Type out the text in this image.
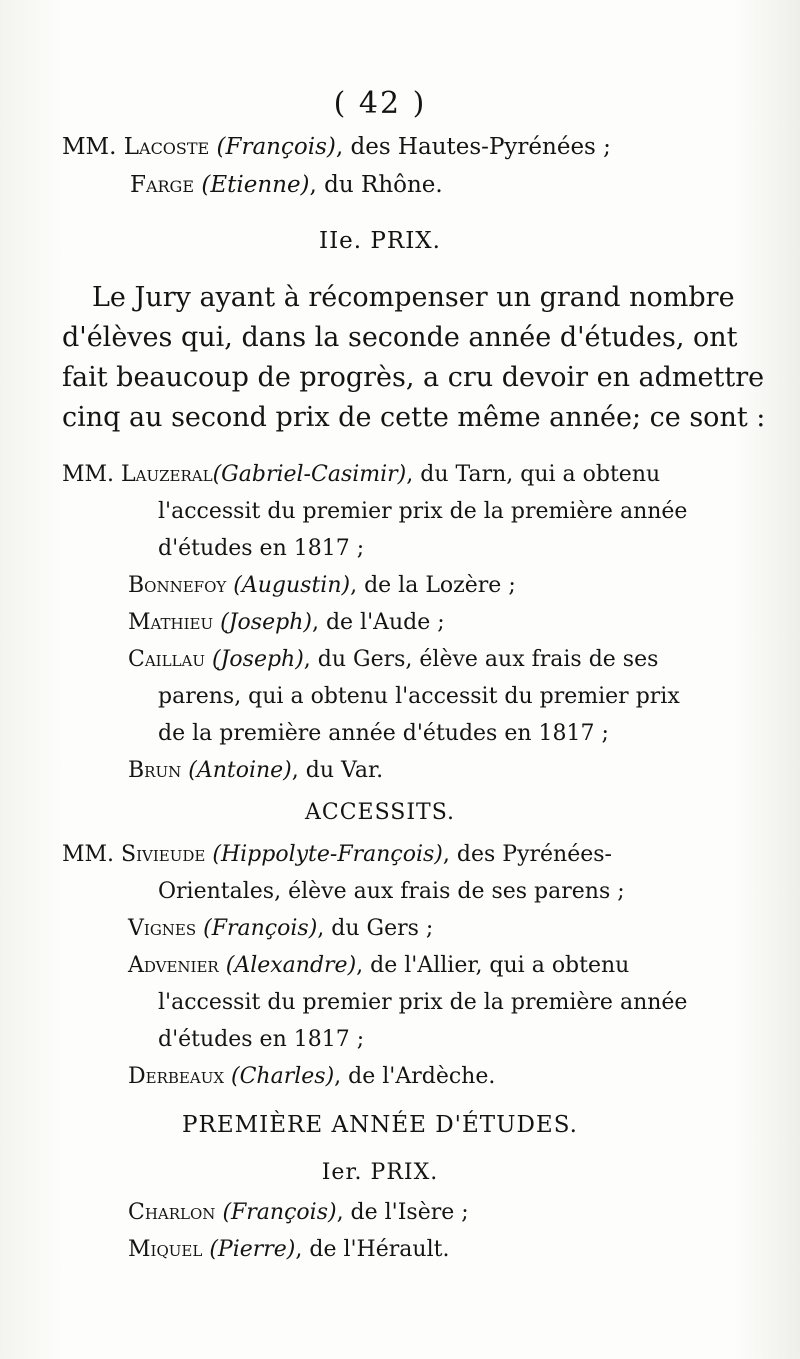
( 42 )
MM. Lacoste (François), des Hautes-Pyrénées ;
Farge (Etienne), du Rhône.
IIe. PRIX.
Le Jury ayant à récompenser un grand nombre
d'élèves qui, dans la seconde année d'études, ont
fait beaucoup de progrès, a cru devoir en admettre
cinq au second prix de cette même année; ce sont :
MM. Lauzeral(Gabriel-Casimir), du Tarn, qui a obtenu
l'accessit du premier prix de la première année
d'études en 1817 ;
Bonnefoy (Augustin), de la Lozère ;
Mathieu (Joseph), de l'Aude ;
Caillau (Joseph), du Gers, élève aux frais de ses
parens, qui a obtenu l'accessit du premier prix
de la première année d'études en 1817 ;
Brun (Antoine), du Var.
ACCESSITS.
MM. Sivieude (Hippolyte-François), des Pyrénées-
Orientales, élève aux frais de ses parens ;
Vignes (François), du Gers ;
Advenier (Alexandre), de l'Allier, qui a obtenu
l'accessit du premier prix de la première année
d'études en 1817 ;
Derbeaux (Charles), de l'Ardèche.
PREMIÈRE ANNÉE D'ÉTUDES.
Ier. PRIX.
Charlon (François), de l'Isère ;
Miquel (Pierre), de l'Hérault.
